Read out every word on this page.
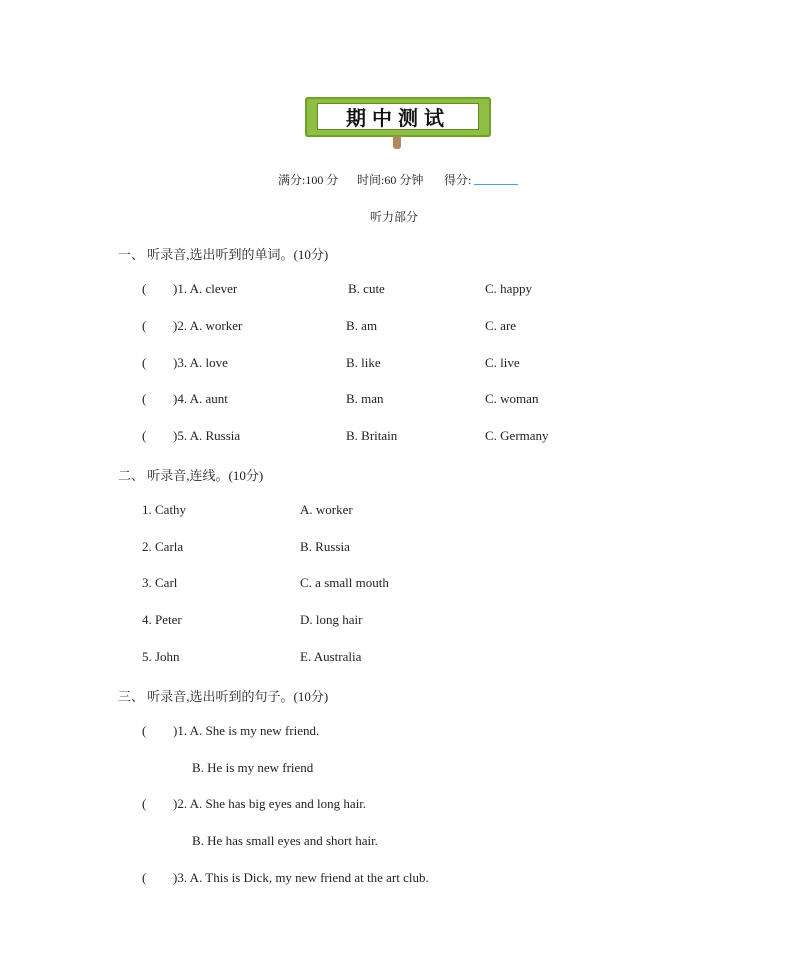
期中测试
满分:100 分 时间:60 分钟 得分:
听力部分
一、 听录音,选出听到的单词。(10分)
( )1. A. clever	B. cute	C. happy
( )2. A. worker	B. am	C. are
( )3. A. love	B. like	C. live
( )4. A. aunt	B. man	C. woman
( )5. A. Russia	B. Britain	C. Germany
二、 听录音,连线。(10分)
1. Cathy	A. worker
2. Carla	B. Russia
3. Carl	C. a small mouth
4. Peter	D. long hair
5. John	E. Australia
三、 听录音,选出听到的句子。(10分)
( )1. A. She is my new friend.
B. He is my new friend
( )2. A. She has big eyes and long hair.
B. He has small eyes and short hair.
( )3. A. This is Dick, my new friend at the art club.
